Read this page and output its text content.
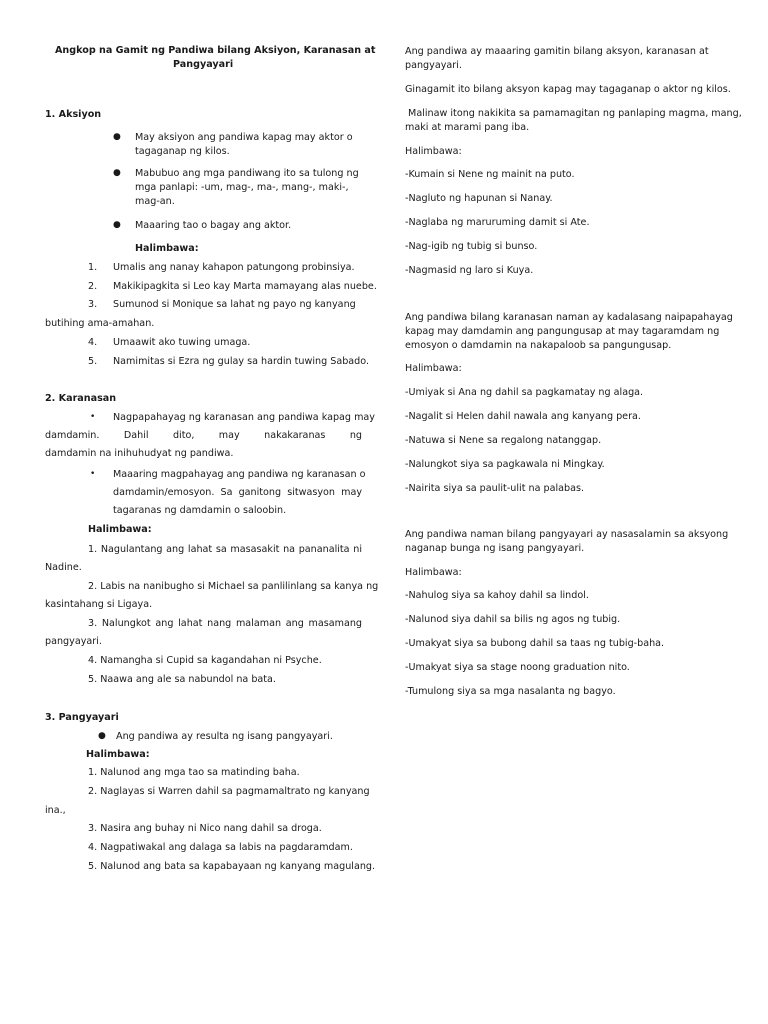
Angkop na Gamit ng Pandiwa bilang Aksiyon, Karanasan at
Pangyayari
1. Aksiyon
● May aksiyon ang pandiwa kapag may aktor o
tagaganap ng kilos.
● Mabubuo ang mga pandiwang ito sa tulong ng
mga panlapi: -um, mag-, ma-, mang-, maki-,
mag-an.
● Maaaring tao o bagay ang aktor.
Halimbawa:
1. Umalis ang nanay kahapon patungong probinsiya.
2. Makikipagkita si Leo kay Marta mamayang alas nuebe.
3. Sumunod si Monique sa lahat ng payo ng kanyang
butihing ama-amahan.
4. Umaawit ako tuwing umaga.
5. Namimitas si Ezra ng gulay sa hardin tuwing Sabado.
2. Karanasan
• Nagpapahayag ng karanasan ang pandiwa kapag may
damdamin. Dahil dito, may nakakaranas ng
damdamin na inihuhudyat ng pandiwa.
• Maaaring magpahayag ang pandiwa ng karanasan o
damdamin/emosyon. Sa ganitong sitwasyon may
tagaranas ng damdamin o saloobin.
Halimbawa:
1. Nagulantang ang lahat sa masasakit na pananalita ni
Nadine.
2. Labis na nanibugho si Michael sa panlilinlang sa kanya ng
kasintahang si Ligaya.
3. Nalungkot ang lahat nang malaman ang masamang
pangyayari.
4. Namangha si Cupid sa kagandahan ni Psyche.
5. Naawa ang ale sa nabundol na bata.
3. Pangyayari
● Ang pandiwa ay resulta ng isang pangyayari.
Halimbawa:
1. Nalunod ang mga tao sa matinding baha.
2. Naglayas si Warren dahil sa pagmamaltrato ng kanyang
ina.,
3. Nasira ang buhay ni Nico nang dahil sa droga.
4. Nagpatiwakal ang dalaga sa labis na pagdaramdam.
5. Nalunod ang bata sa kapabayaan ng kanyang magulang.
Ang pandiwa ay maaaring gamitin bilang aksyon, karanasan at
pangyayari.
Ginagamit ito bilang aksyon kapag may tagaganap o aktor ng kilos.
Malinaw itong nakikita sa pamamagitan ng panlaping magma, mang,
maki at marami pang iba.
Halimbawa:
-Kumain si Nene ng mainit na puto.
-Nagluto ng hapunan si Nanay.
-Naglaba ng maruruming damit si Ate.
-Nag-igib ng tubig si bunso.
-Nagmasid ng laro si Kuya.
Ang pandiwa bilang karanasan naman ay kadalasang naipapahayag
kapag may damdamin ang pangungusap at may tagaramdam ng
emosyon o damdamin na nakapaloob sa pangungusap.
Halimbawa:
-Umiyak si Ana ng dahil sa pagkamatay ng alaga.
-Nagalit si Helen dahil nawala ang kanyang pera.
-Natuwa si Nene sa regalong natanggap.
-Nalungkot siya sa pagkawala ni Mingkay.
-Nairita siya sa paulit-ulit na palabas.
Ang pandiwa naman bilang pangyayari ay nasasalamin sa aksyong
naganap bunga ng isang pangyayari.
Halimbawa:
-Nahulog siya sa kahoy dahil sa lindol.
-Nalunod siya dahil sa bilis ng agos ng tubig.
-Umakyat siya sa bubong dahil sa taas ng tubig-baha.
-Umakyat siya sa stage noong graduation nito.
-Tumulong siya sa mga nasalanta ng bagyo.
